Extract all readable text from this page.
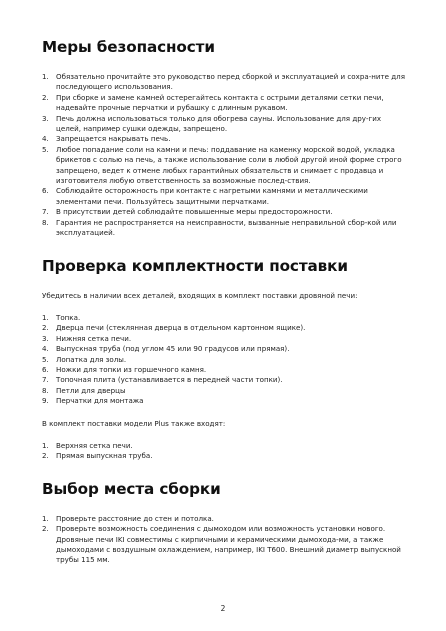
Меры безопасности
1. Обязательно прочитайте это руководство перед сборкой и эксплуатацией и сохра-ните для последующего использования.
2. При сборке и замене камней остерегайтесь контакта с острыми деталями сетки печи, надевайте прочные перчатки и рубашку с длинным рукавом.
3. Печь должна использоваться только для обогрева сауны. Использование для дру-гих целей, например сушки одежды, запрещено.
4. Запрещается накрывать печь.
5. Любое попадание соли на камни и печь: поддавание на каменку морской водой, укладка брикетов с солью на печь, а также использование соли в любой другой иной форме строго запрещено, ведет к отмене любых гарантийных обязательств и снимает с продавца и изготовителя любую ответственность за возможные послед-ствия.
6. Соблюдайте осторожность при контакте с нагретыми камнями и металлическими элементами печи. Пользуйтесь защитными перчатками.
7. В присутствии детей соблюдайте повышенные меры предосторожности.
8. Гарантия не распространяется на неисправности, вызванные неправильной сбор-кой или эксплуатацией.
Проверка комплектности поставки

Убедитесь в наличии всех деталей, входящих в комплект поставки дровяной печи:

1. Топка.
2. Дверца печи (стеклянная дверца в отдельном картонном ящике).
3. Нижняя сетка печи.
4. Выпускная труба (под углом 45 или 90 градусов или прямая).
5. Лопатка для золы.
6. Ножки для топки из горшечного камня.
7. Топочная плита (устанавливается в передней части топки).
8. Петли для дверцы
9. Перчатки для монтажа

В комплект поставки модели Plus также входят:

1. Верхняя сетка печи.
2. Прямая выпускная труба.
Выбор места сборки
1. Проверьте расстояние до стен и потолка.
2. Проверьте возможность соединения с дымоходом или возможность установки нового. Дровяные печи IKI совместимы с кирпичными и керамическими дымохода-ми, а также дымоходами с воздушным охлаждением, например, IKI T600. Внешний диаметр выпускной трубы 115 мм.
2
